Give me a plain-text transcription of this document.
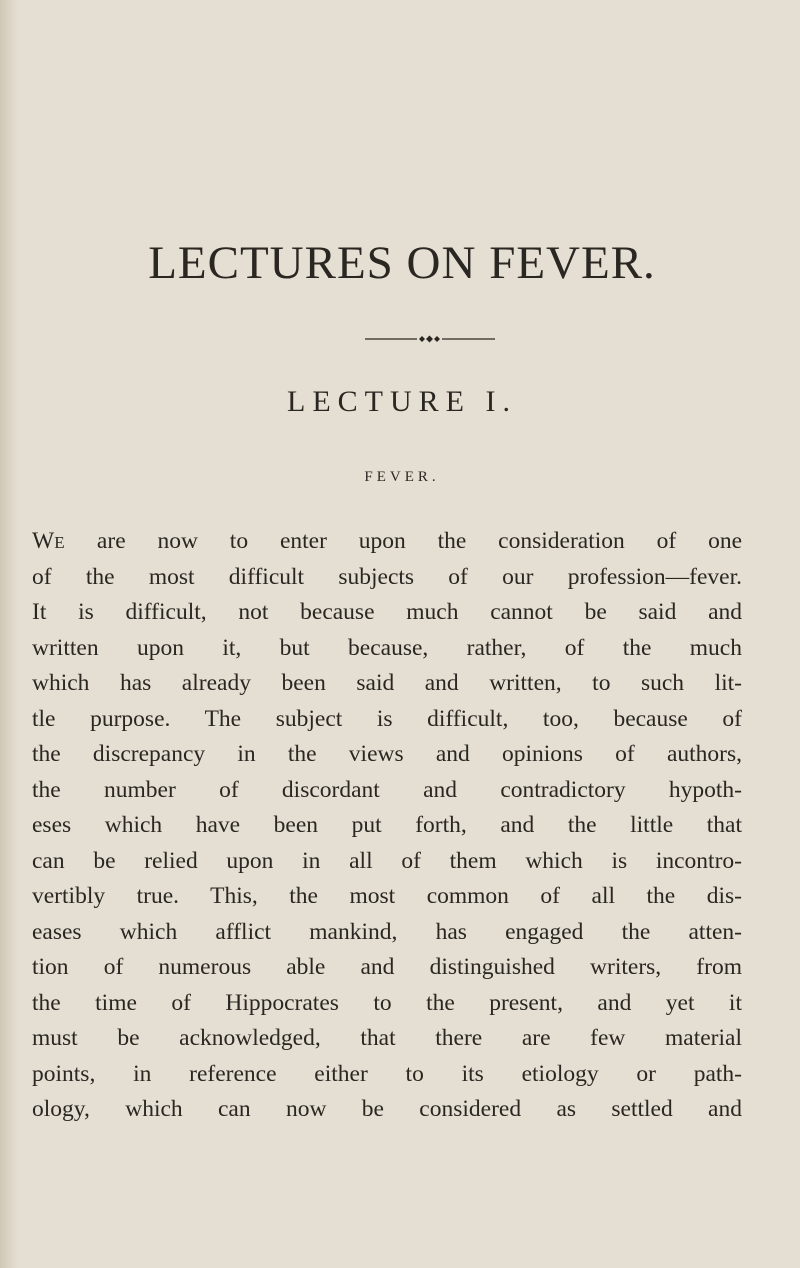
LECTURES ON FEVER.
LECTURE I.
FEVER.
WE are now to enter upon the consideration of one
of the most difficult subjects of our profession—fever.
It is difficult, not because much cannot be said and
written upon it, but because, rather, of the much
which has already been said and written, to such lit-
tle purpose. The subject is difficult, too, because of
the discrepancy in the views and opinions of authors,
the number of discordant and contradictory hypoth-
eses which have been put forth, and the little that
can be relied upon in all of them which is incontro-
vertibly true. This, the most common of all the dis-
eases which afflict mankind, has engaged the atten-
tion of numerous able and distinguished writers, from
the time of Hippocrates to the present, and yet it
must be acknowledged, that there are few material
points, in reference either to its etiology or path-
ology, which can now be considered as settled and
